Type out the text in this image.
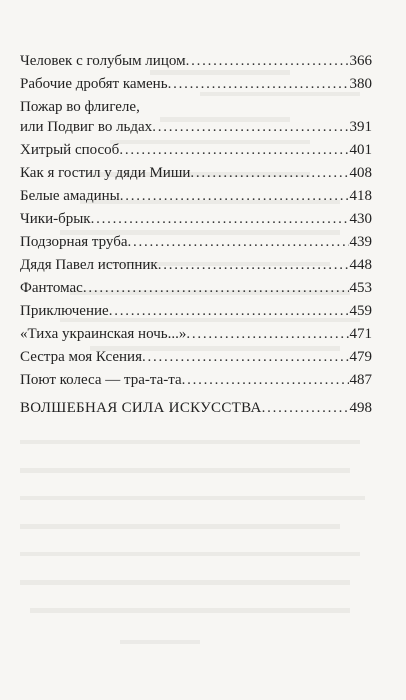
Человек с голубым лицом . . .	366
Рабочие дробят камень . . .	380
Пожар во флигеле,
или Подвиг во льдах . . .	391
Хитрый способ . . .	401
Как я гостил у дяди Миши . . .	408
Белые амадины . . .	418
Чики-брык . . .	430
Подзорная труба . . .	439
Дядя Павел истопник . . .	448
Фантомас . . .	453
Приключение . . .	459
«Тиха украинская ночь...» . . .	471
Сестра моя Ксения . . .	479
Поют колеса — тра-та-та . . .	487
ВОЛШЕБНАЯ СИЛА ИСКУССТВА . . .	498
